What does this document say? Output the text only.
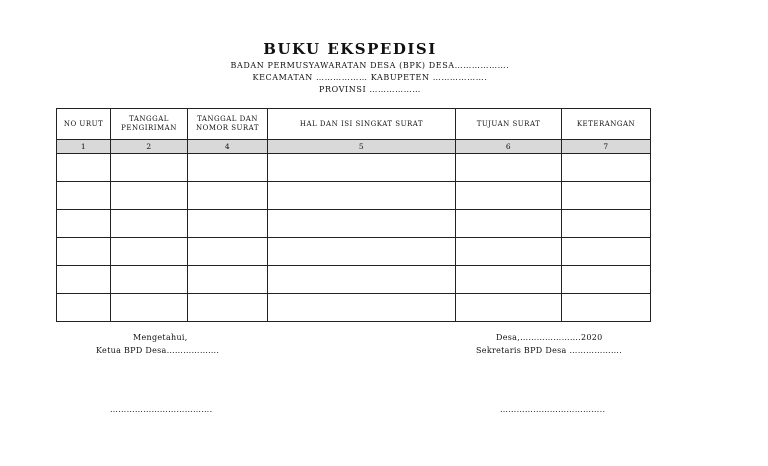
BUKU EKSPEDISI
BADAN PERMUSYAWARATAN DESA (BPK) DESA……………….
KECAMATAN ……………… KABUPETEN ……………….
PROVINSI ………………
NO URUT	TANGGAL PENGIRIMAN	TANGGAL DAN NOMOR SURAT	HAL DAN ISI SINGKAT SURAT	TUJUAN SURAT	KETERANGAN
1	2	4	5	6	7

Mengetahui,
Ketua BPD Desa……………….
……………………………….
Desa,………………….2020
Sekretaris BPD Desa ……………….
………………………………..
